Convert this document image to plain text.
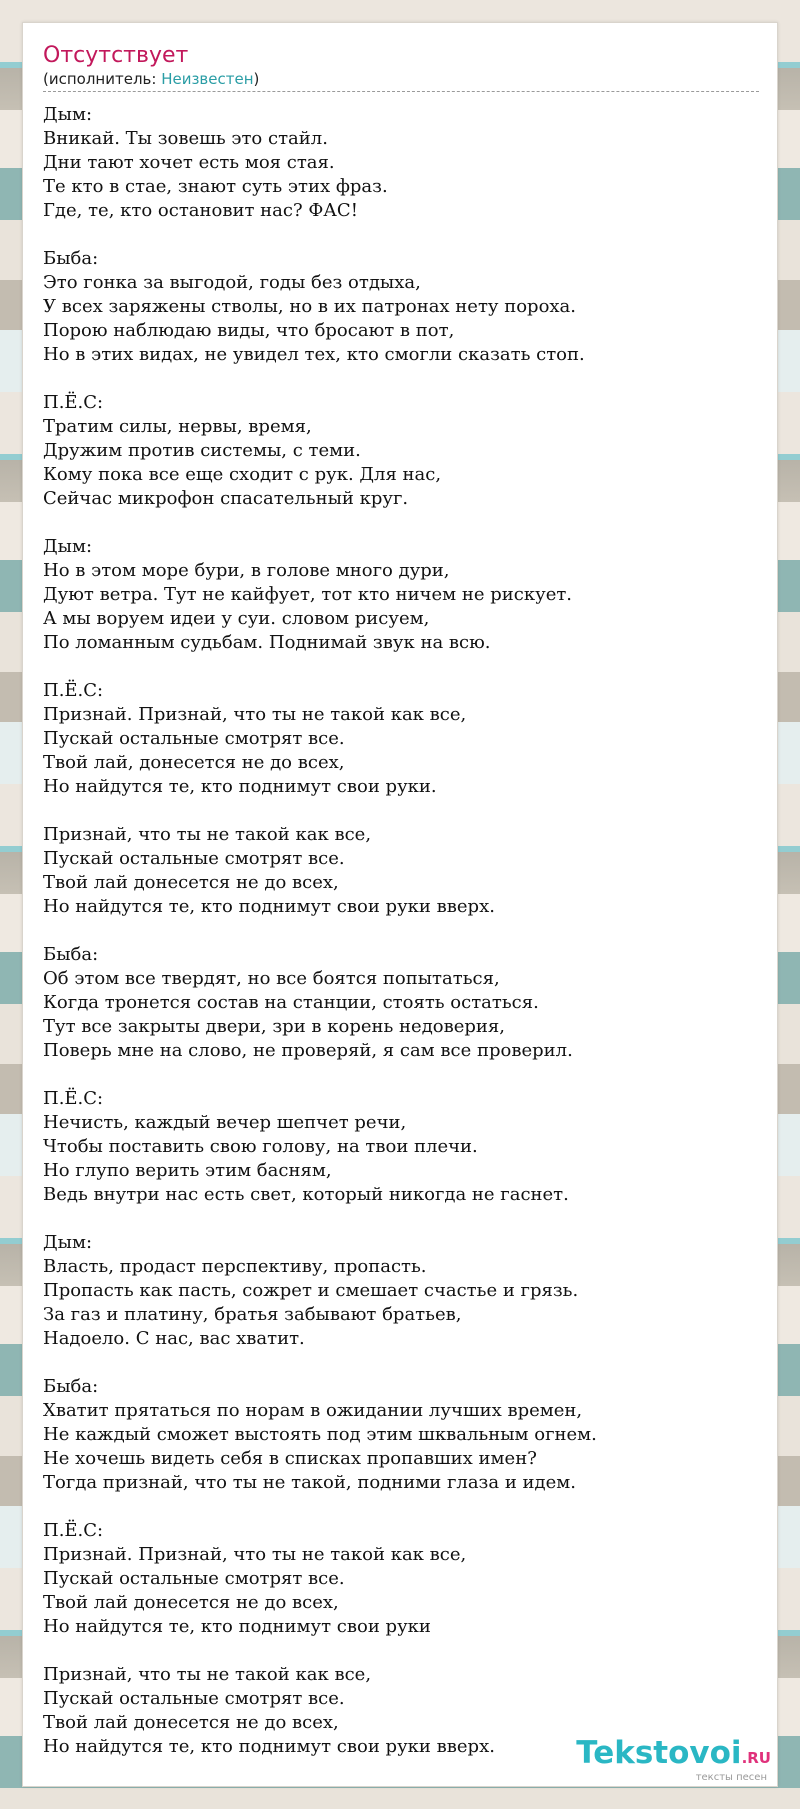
Отсутствует
(исполнитель: Неизвестен)
Дым:
Вникай. Ты зовешь это стайл.
Дни тают хочет есть моя стая.
Те кто в стае, знают суть этих фраз.
Где, те, кто остановит нас? ФАС!
Быба:
Это гонка за выгодой, годы без отдыха,
У всех заряжены стволы, но в их патронах нету пороха.
Порою наблюдаю виды, что бросают в пот,
Но в этих видах, не увидел тех, кто смогли сказать стоп.
П.Ё.С:
Тратим силы, нервы, время,
Дружим против системы, с теми.
Кому пока все еще сходит с рук. Для нас,
Сейчас микрофон спасательный круг.
Дым:
Но в этом море бури, в голове много дури,
Дуют ветра. Тут не кайфует, тот кто ничем не рискует.
А мы воруем идеи у суи. словом рисуем,
По ломанным судьбам. Поднимай звук на всю.
П.Ё.С:
Признай. Признай, что ты не такой как все,
Пускай остальные смотрят все.
Твой лай, донесется не до всех,
Но найдутся те, кто поднимут свои руки.
Признай, что ты не такой как все,
Пускай остальные смотрят все.
Твой лай донесется не до всех,
Но найдутся те, кто поднимут свои руки вверх.
Быба:
Об этом все твердят, но все боятся попытаться,
Когда тронется состав на станции, стоять остаться.
Тут все закрыты двери, зри в корень недоверия,
Поверь мне на слово, не проверяй, я сам все проверил.
П.Ё.С:
Нечисть, каждый вечер шепчет речи,
Чтобы поставить свою голову, на твои плечи.
Но глупо верить этим басням,
Ведь внутри нас есть свет, который никогда не гаснет.
Дым:
Власть, продаст перспективу, пропасть.
Пропасть как пасть, сожрет и смешает счастье и грязь.
За газ и платину, братья забывают братьев,
Надоело. С нас, вас хватит.
Быба:
Хватит прятаться по норам в ожидании лучших времен,
Не каждый сможет выстоять под этим шквальным огнем.
Не хочешь видеть себя в списках пропавших имен?
Тогда признай, что ты не такой, подними глаза и идем.
П.Ё.С:
Признай. Признай, что ты не такой как все,
Пускай остальные смотрят все.
Твой лай донесется не до всех,
Но найдутся те, кто поднимут свои руки
Признай, что ты не такой как все,
Пускай остальные смотрят все.
Твой лай донесется не до всех,
Но найдутся те, кто поднимут свои руки вверх.	Tekstovoi.RU
тексты песен
